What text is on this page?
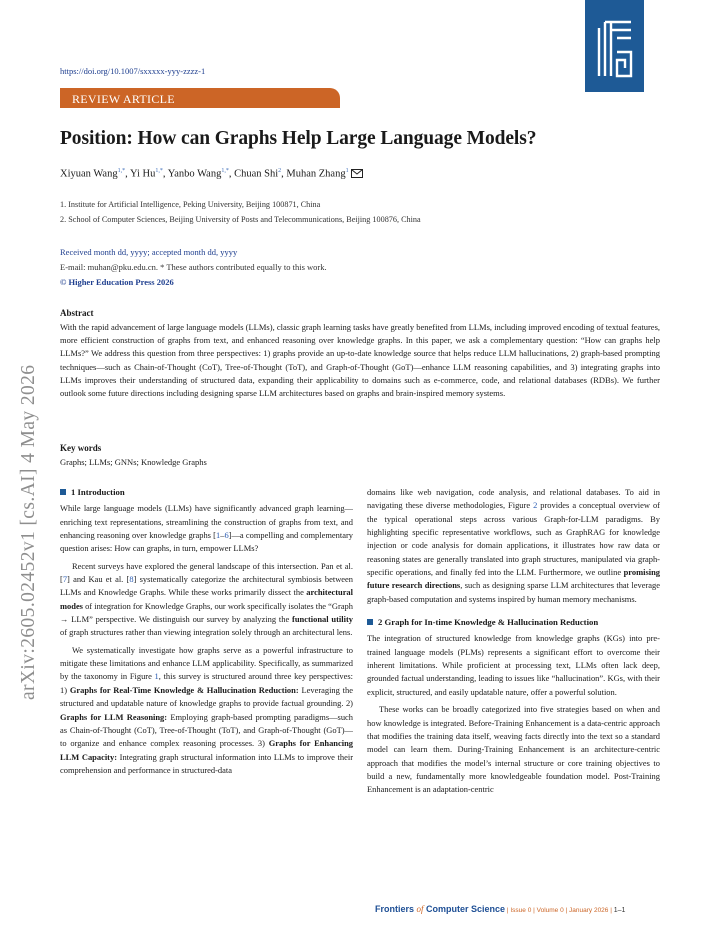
https://doi.org/10.1007/sxxxxx-yyy-zzzz-1
REVIEW ARTICLE
Position: How can Graphs Help Large Language Models?
Xiyuan Wang$^{1,*}$, Yi $Hu^{1,*}$, Yanbo Wang$^{1,*}$, Chuan Shi$^2$, Muhan Zhang$^1$
1. Institute for Artificial Intelligence, Peking University, Beijing 100871, China
2. School of Computer Sciences, Beijing University of Posts and Telecommunications, Beijing 100876, China
Received month dd, yyyy; accepted month dd, yyyy
E-mail: muhan@pku.edu.cn. * These authors contributed equally to this work.
© Higher Education Press 2026
Abstract
With the rapid advancement of large language models (LLMs), classic graph learning tasks have greatly benefited from LLMs, including improved encoding of textual features, more efficient construction of graphs from text, and enhanced reasoning over knowledge graphs. In this paper, we ask a complementary question: “How can graphs help LLMs?” We address this question from three perspectives: 1) graphs provide an up-to-date knowledge source that helps reduce LLM hallucinations, 2) graph-based prompting techniques—such as Chain-of-Thought (CoT), Tree-of-Thought (ToT), and Graph-of-Thought (GoT)—enhance LLM reasoning capabilities, and 3) integrating graphs into LLMs improves their understanding of structured data, expanding their applicability to domains such as e-commerce, code, and relational databases (RDBs). We further outlook some future directions including designing sparse LLM architectures based on graphs and brain-inspired memory systems.
Key words
Graphs; LLMs; GNNs; Knowledge Graphs
arXiv:2605.02452v1 [cs.AI] 4 May 2026	1 Introduction

While large language models (LLMs) have significantly advanced graph learning—enriching text representations, streamlining the construction of graphs from text, and enhancing reasoning over knowledge graphs [1–6]—a compelling and complementary question arises: How can graphs, in turn, empower LLMs?

Recent surveys have explored the general landscape of this intersection. Pan et al. [7] and Kau et al. [8] systematically categorize the architectural symbiosis between LLMs and Knowledge Graphs. While these works primarily dissect the architectural modes of integration for Knowledge Graphs, our work specifically isolates the “Graph → LLM” perspective. We distinguish our survey by analyzing the functional utility of graph structures rather than viewing integration solely through an architectural lens.

We systematically investigate how graphs serve as a powerful infrastructure to mitigate these limitations and enhance LLM applicability. Specifically, as summarized by the taxonomy in Figure 1, this survey is structured around three key perspectives: 1) Graphs for Real-Time Knowledge & Hallucination Reduction: Leveraging the structured and updatable nature of knowledge graphs to provide factual grounding. 2) Graphs for LLM Reasoning: Employing graph-based prompting paradigms—such as Chain-of-Thought (CoT), Tree-of-Thought (ToT), and Graph-of-Thought (GoT)—to organize and enhance complex reasoning processes. 3) Graphs for Enhancing LLM Capacity: Integrating graph structural information into LLMs to improve their comprehension and performance in structured-data

domains like web navigation, code analysis, and relational databases. To aid in navigating these diverse methodologies, Figure 2 provides a conceptual overview of the typical operational steps across various Graph-for-LLM paradigms. By highlighting specific representative workflows, such as GraphRAG for knowledge injection or code analysis for domain applications, it illustrates how raw data or reasoning states are generally translated into graph structures, manipulated via graph-specific operations, and finally fed into the LLM. Furthermore, we outline promising future research directions, such as designing sparse LLM architectures that leverage graph-based computation and systems inspired by human memory mechanisms.

2 Graph for In-time Knowledge & Hallucination Reduction

The integration of structured knowledge from knowledge graphs (KGs) into pre-trained language models (PLMs) represents a significant effort to overcome their inherent limitations. While proficient at processing text, LLMs often lack deep, grounded factual understanding, leading to issues like “hallucination”. KGs, with their explicit, structured, and easily updatable nature, offer a powerful solution.

These works can be broadly categorized into five strategies based on when and how knowledge is integrated. Before-Training Enhancement is a data-centric approach that modifies the training data itself, weaving facts directly into the text so a standard model can learn them. During-Training Enhancement is an architecture-centric approach that modifies the model’s internal structure or core training objectives to build a new, fundamentally more knowledgeable foundation model. Post-Training Enhancement is an adaptation-centric

Frontiers of Computer Science | Issue 0 | Volume 0 | January 2026 | 1–1
